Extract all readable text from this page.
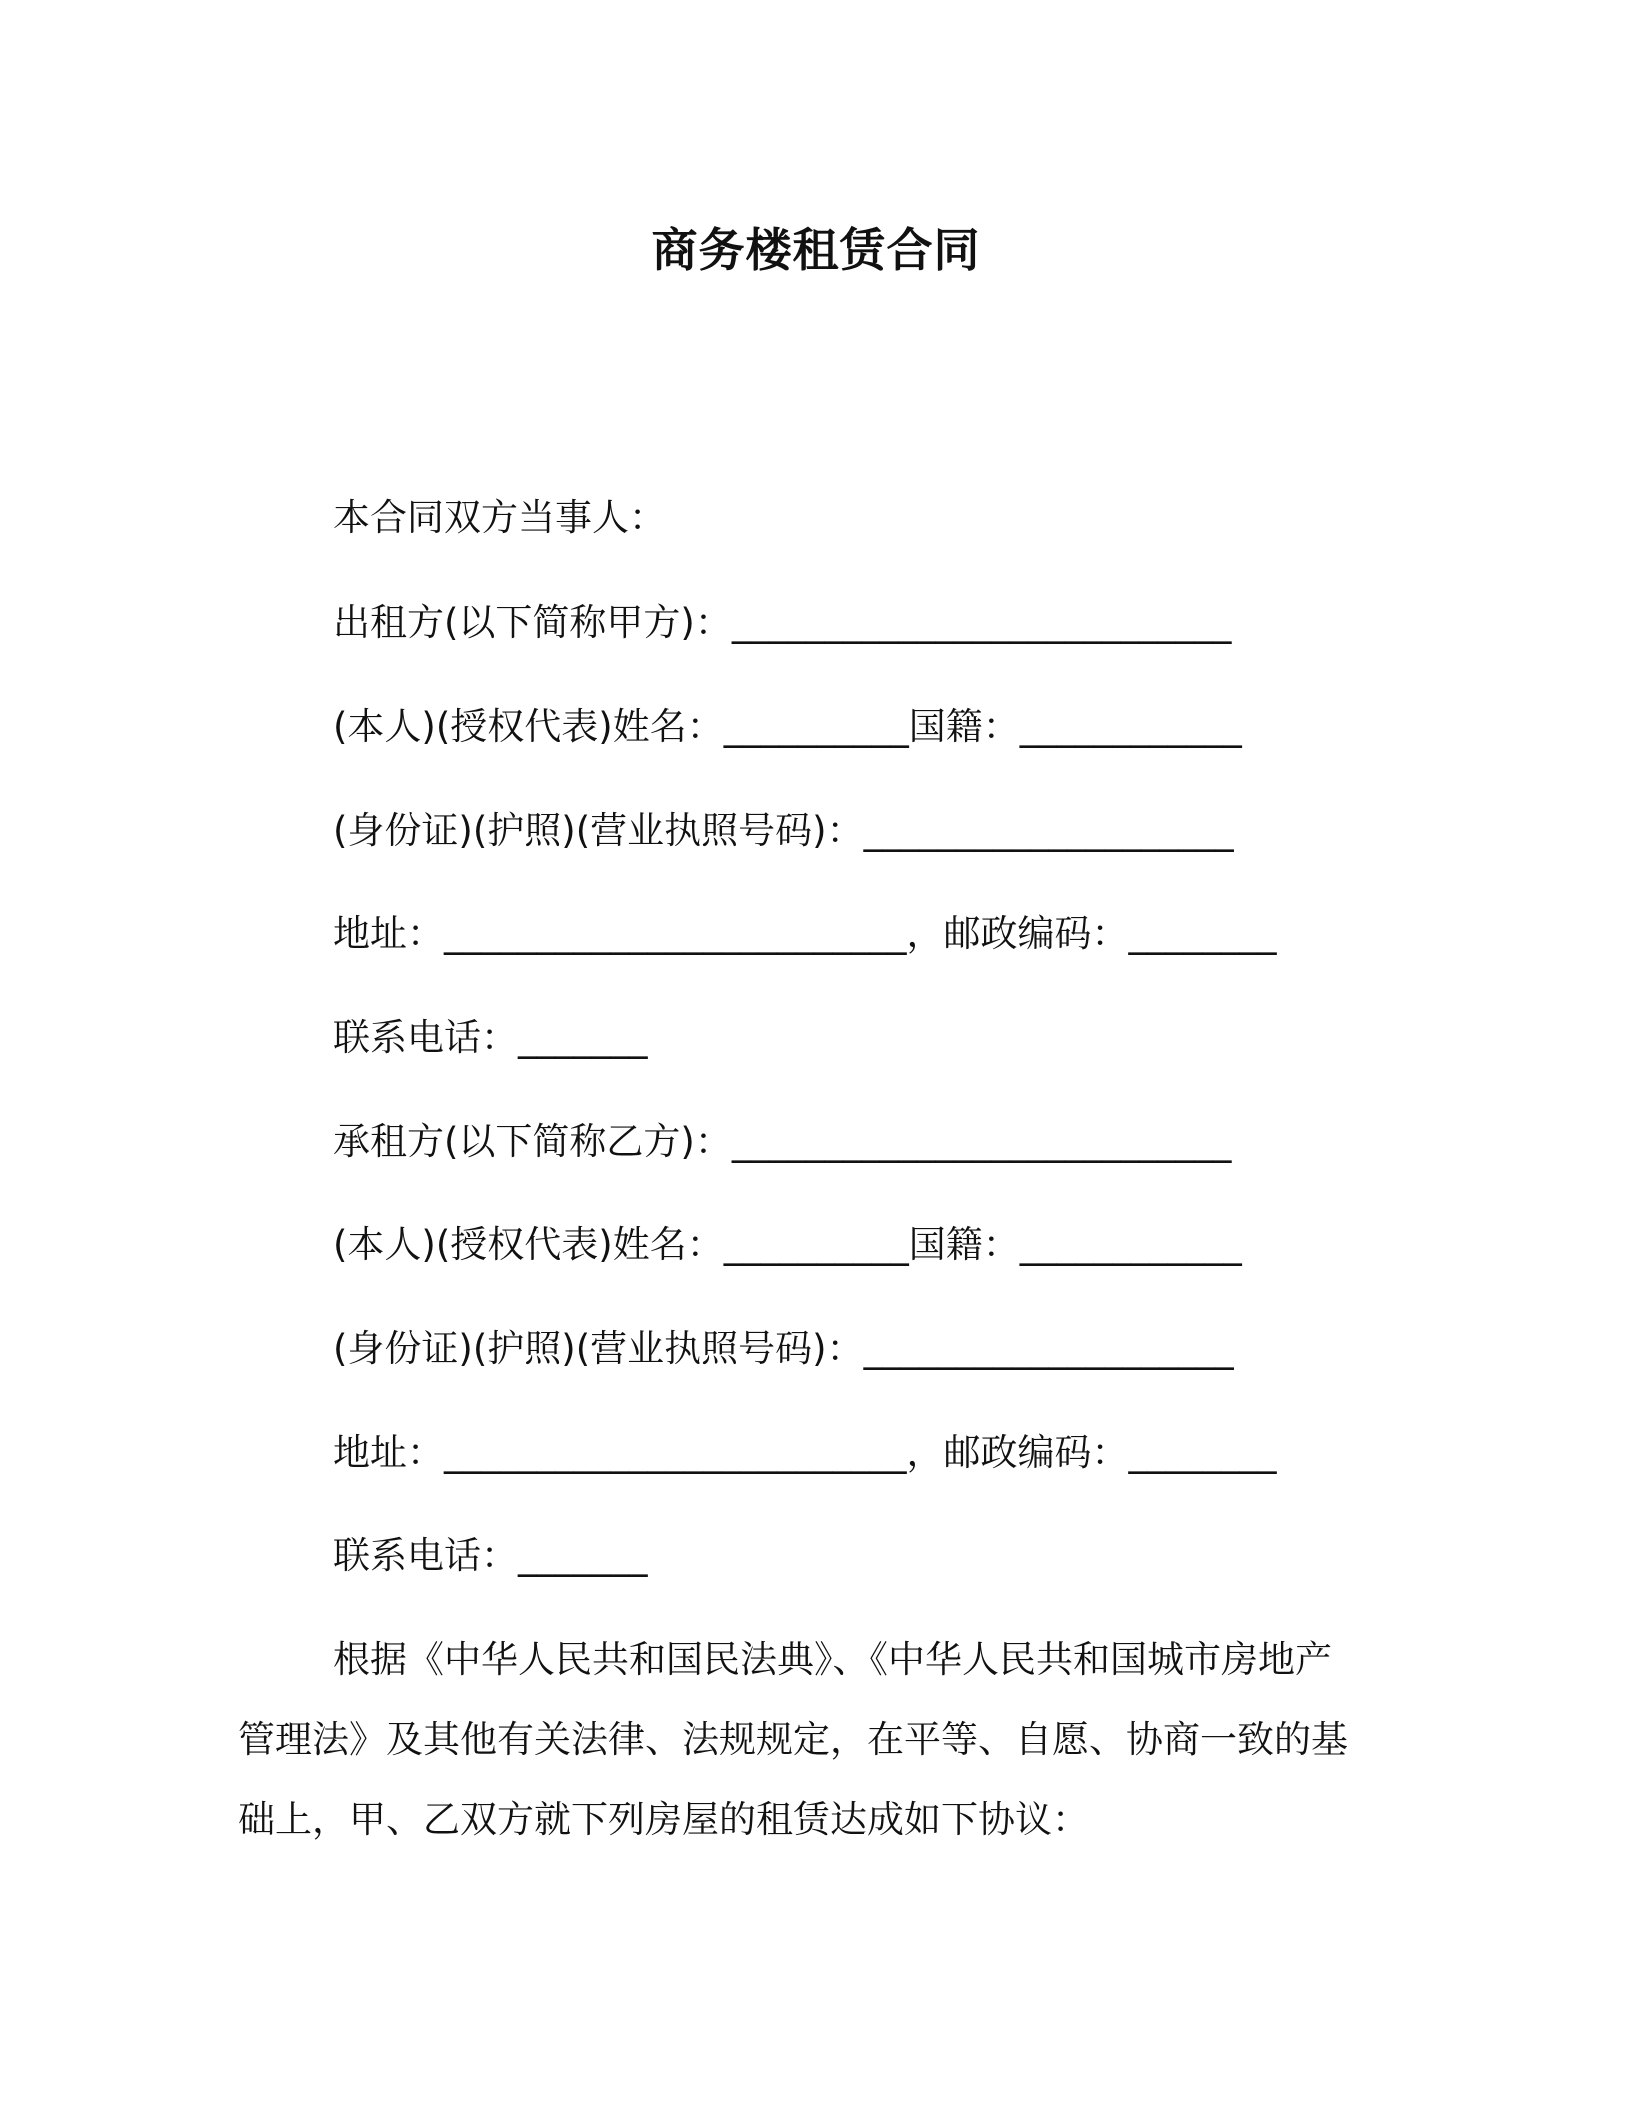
商务楼租赁合同
本合同双方当事人：
出租方(以下简称甲方)：___________________________
(本人)(授权代表)姓名：__________国籍：____________
(身份证)(护照)(营业执照号码)：____________________
地址：_________________________，邮政编码：________
联系电话：_______
承租方(以下简称乙方)：___________________________
(本人)(授权代表)姓名：__________国籍：____________
(身份证)(护照)(营业执照号码)：____________________
地址：_________________________，邮政编码：________
联系电话：_______
根据《中华人民共和国民法典》、《中华人民共和国城市房地产
管理法》及其他有关法律、法规规定，在平等、自愿、协商一致的基
础上，甲、乙双方就下列房屋的租赁达成如下协议：
